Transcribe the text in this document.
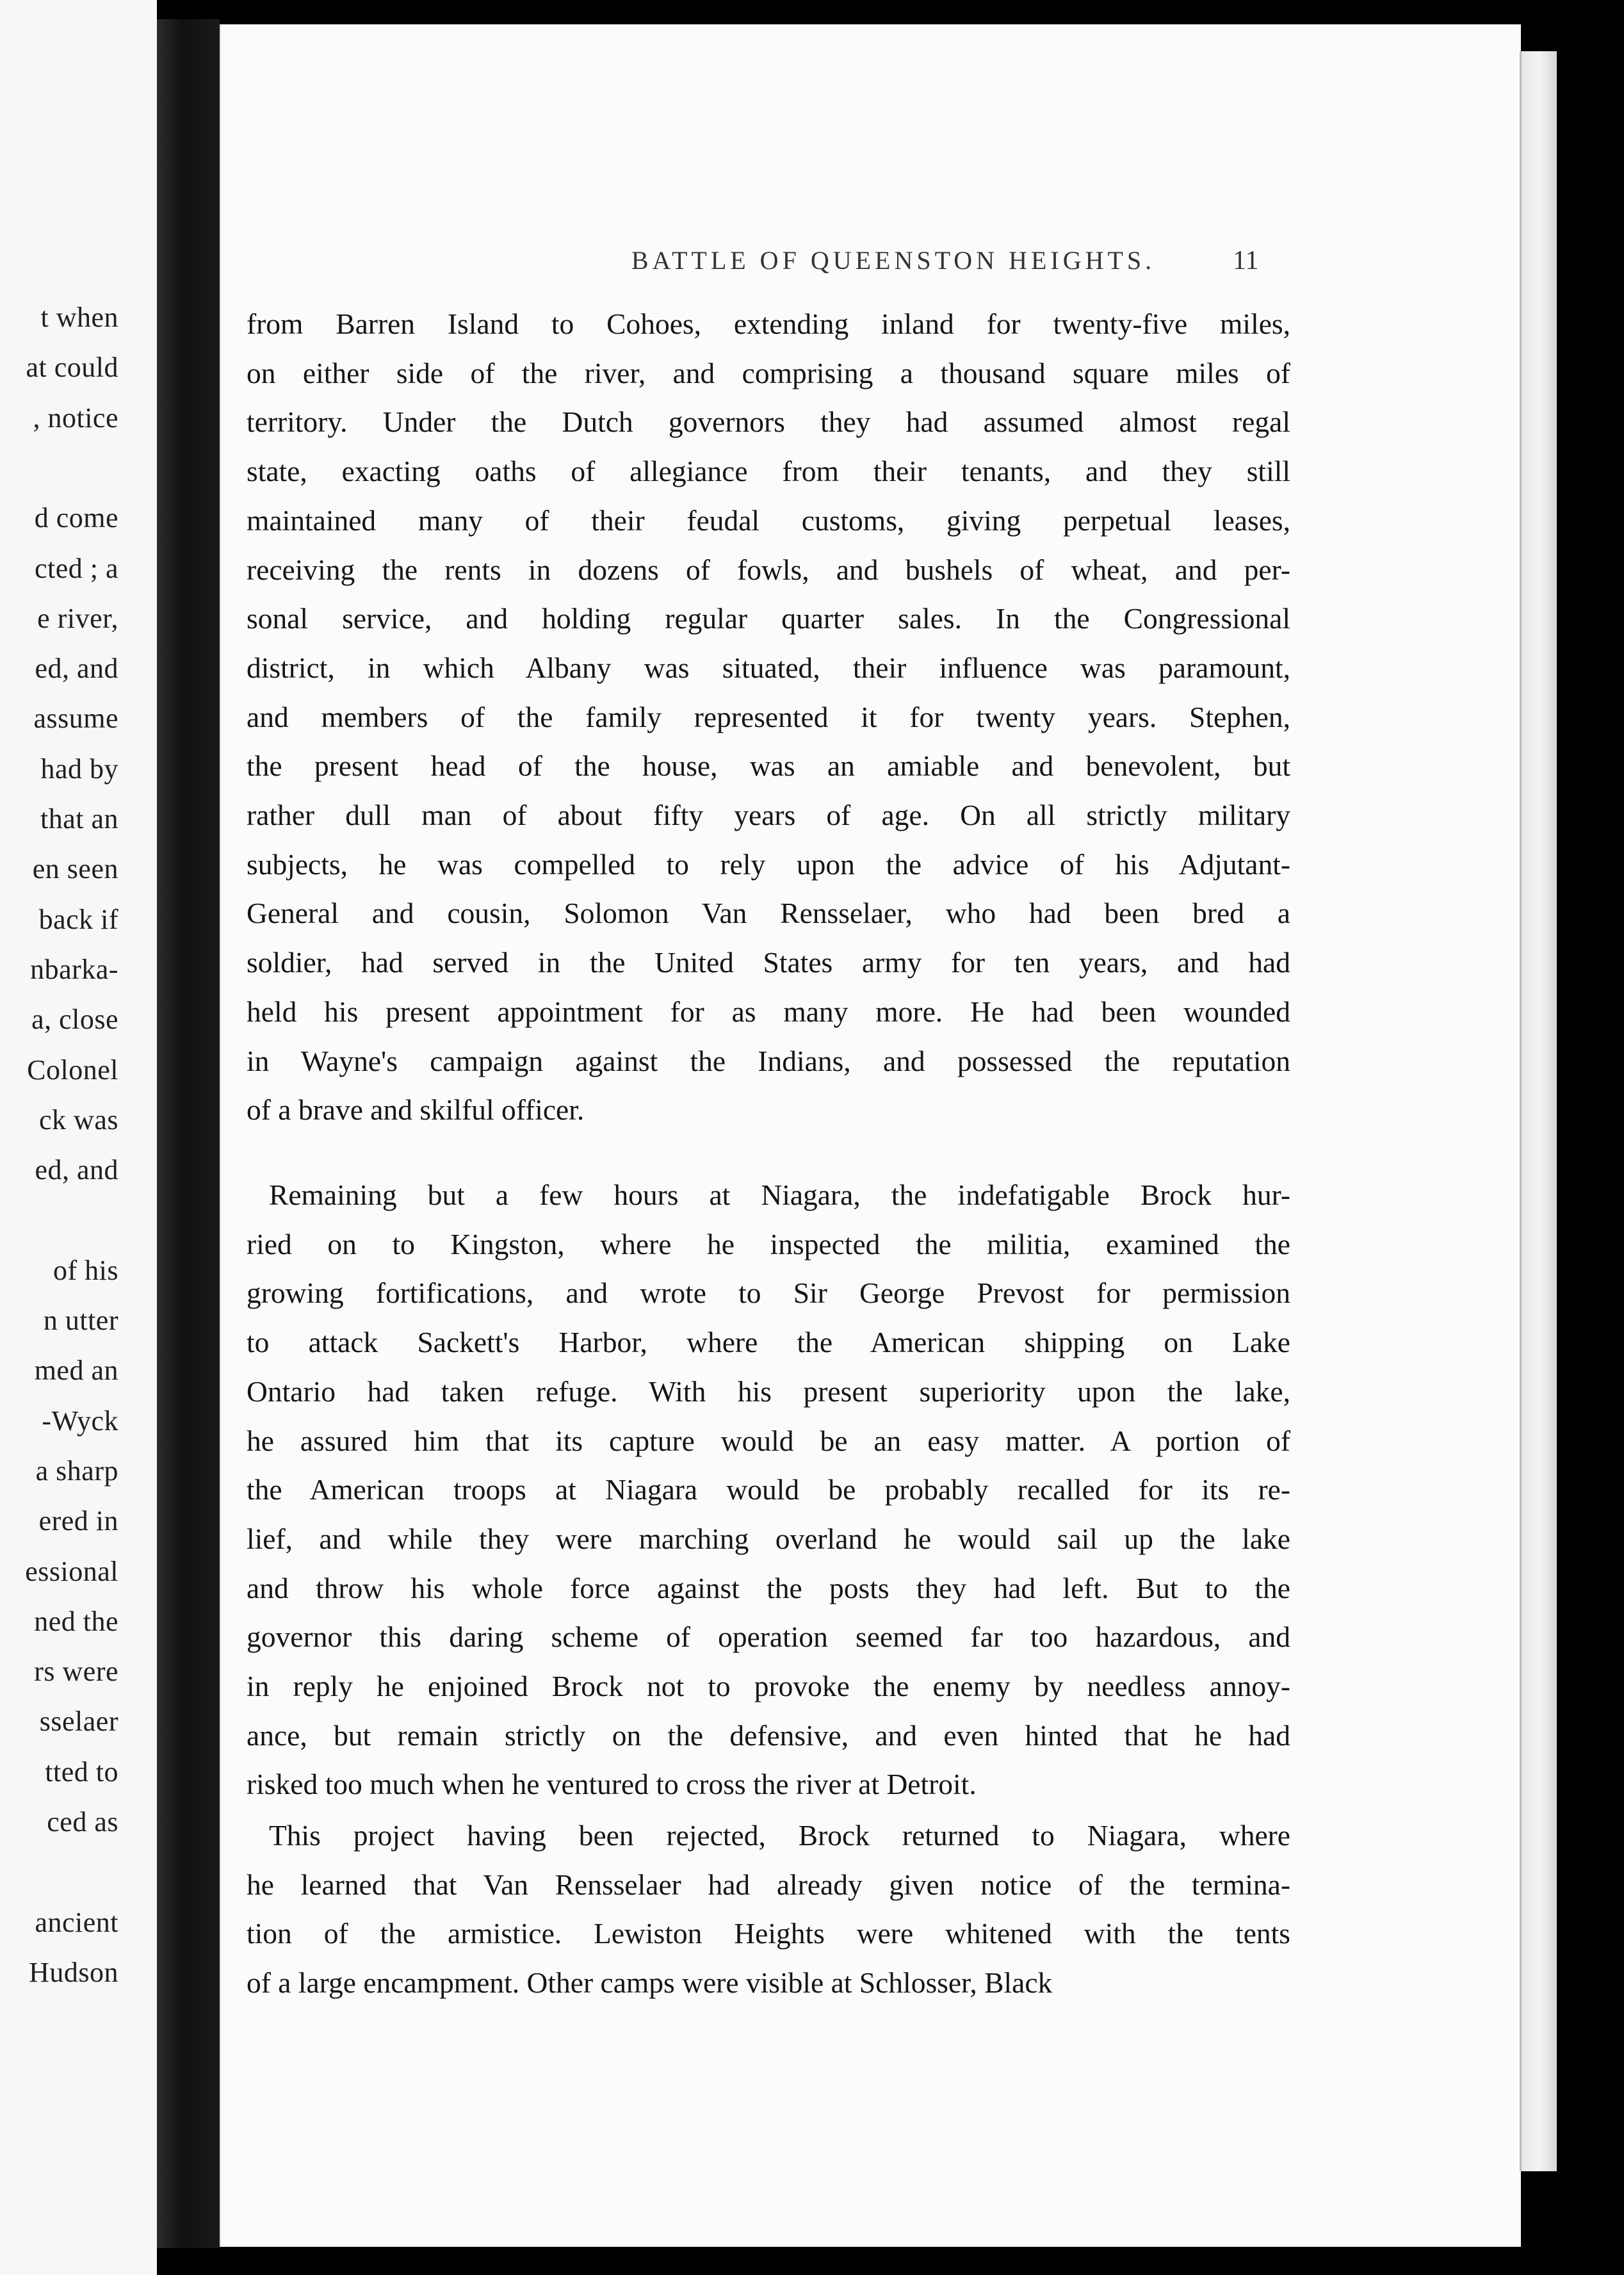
t when
at could
, notice
d come
cted ; a
e river,
ed, and
assume
had by
that an
en seen
back if
nbarka-
a, close
Colonel
ck was
ed, and
of his
n utter
med an
-Wyck
a sharp
ered in
essional
ned the
rs were
sselaer
tted to
ced as
ancient
Hudson
BATTLE OF QUEENSTON HEIGHTS.	11
from Barren Island to Cohoes, extending inland for twenty-five miles,
on either side of the river, and comprising a thousand square miles of
territory. Under the Dutch governors they had assumed almost regal
state, exacting oaths of allegiance from their tenants, and they still
maintained many of their feudal customs, giving perpetual leases,
receiving the rents in dozens of fowls, and bushels of wheat, and per-
sonal service, and holding regular quarter sales. In the Congressional
district, in which Albany was situated, their influence was paramount,
and members of the family represented it for twenty years. Stephen,
the present head of the house, was an amiable and benevolent, but
rather dull man of about fifty years of age. On all strictly military
subjects, he was compelled to rely upon the advice of his Adjutant-
General and cousin, Solomon Van Rensselaer, who had been bred a
soldier, had served in the United States army for ten years, and had
held his present appointment for as many more. He had been wounded
in Wayne's campaign against the Indians, and possessed the reputation
of a brave and skilful officer.
Remaining but a few hours at Niagara, the indefatigable Brock hur-
ried on to Kingston, where he inspected the militia, examined the
growing fortifications, and wrote to Sir George Prevost for permission
to attack Sackett's Harbor, where the American shipping on Lake
Ontario had taken refuge. With his present superiority upon the lake,
he assured him that its capture would be an easy matter. A portion of
the American troops at Niagara would be probably recalled for its re-
lief, and while they were marching overland he would sail up the lake
and throw his whole force against the posts they had left. But to the
governor this daring scheme of operation seemed far too hazardous, and
in reply he enjoined Brock not to provoke the enemy by needless annoy-
ance, but remain strictly on the defensive, and even hinted that he had
risked too much when he ventured to cross the river at Detroit.
This project having been rejected, Brock returned to Niagara, where
he learned that Van Rensselaer had already given notice of the termina-
tion of the armistice. Lewiston Heights were whitened with the tents
of a large encampment. Other camps were visible at Schlosser, Black
